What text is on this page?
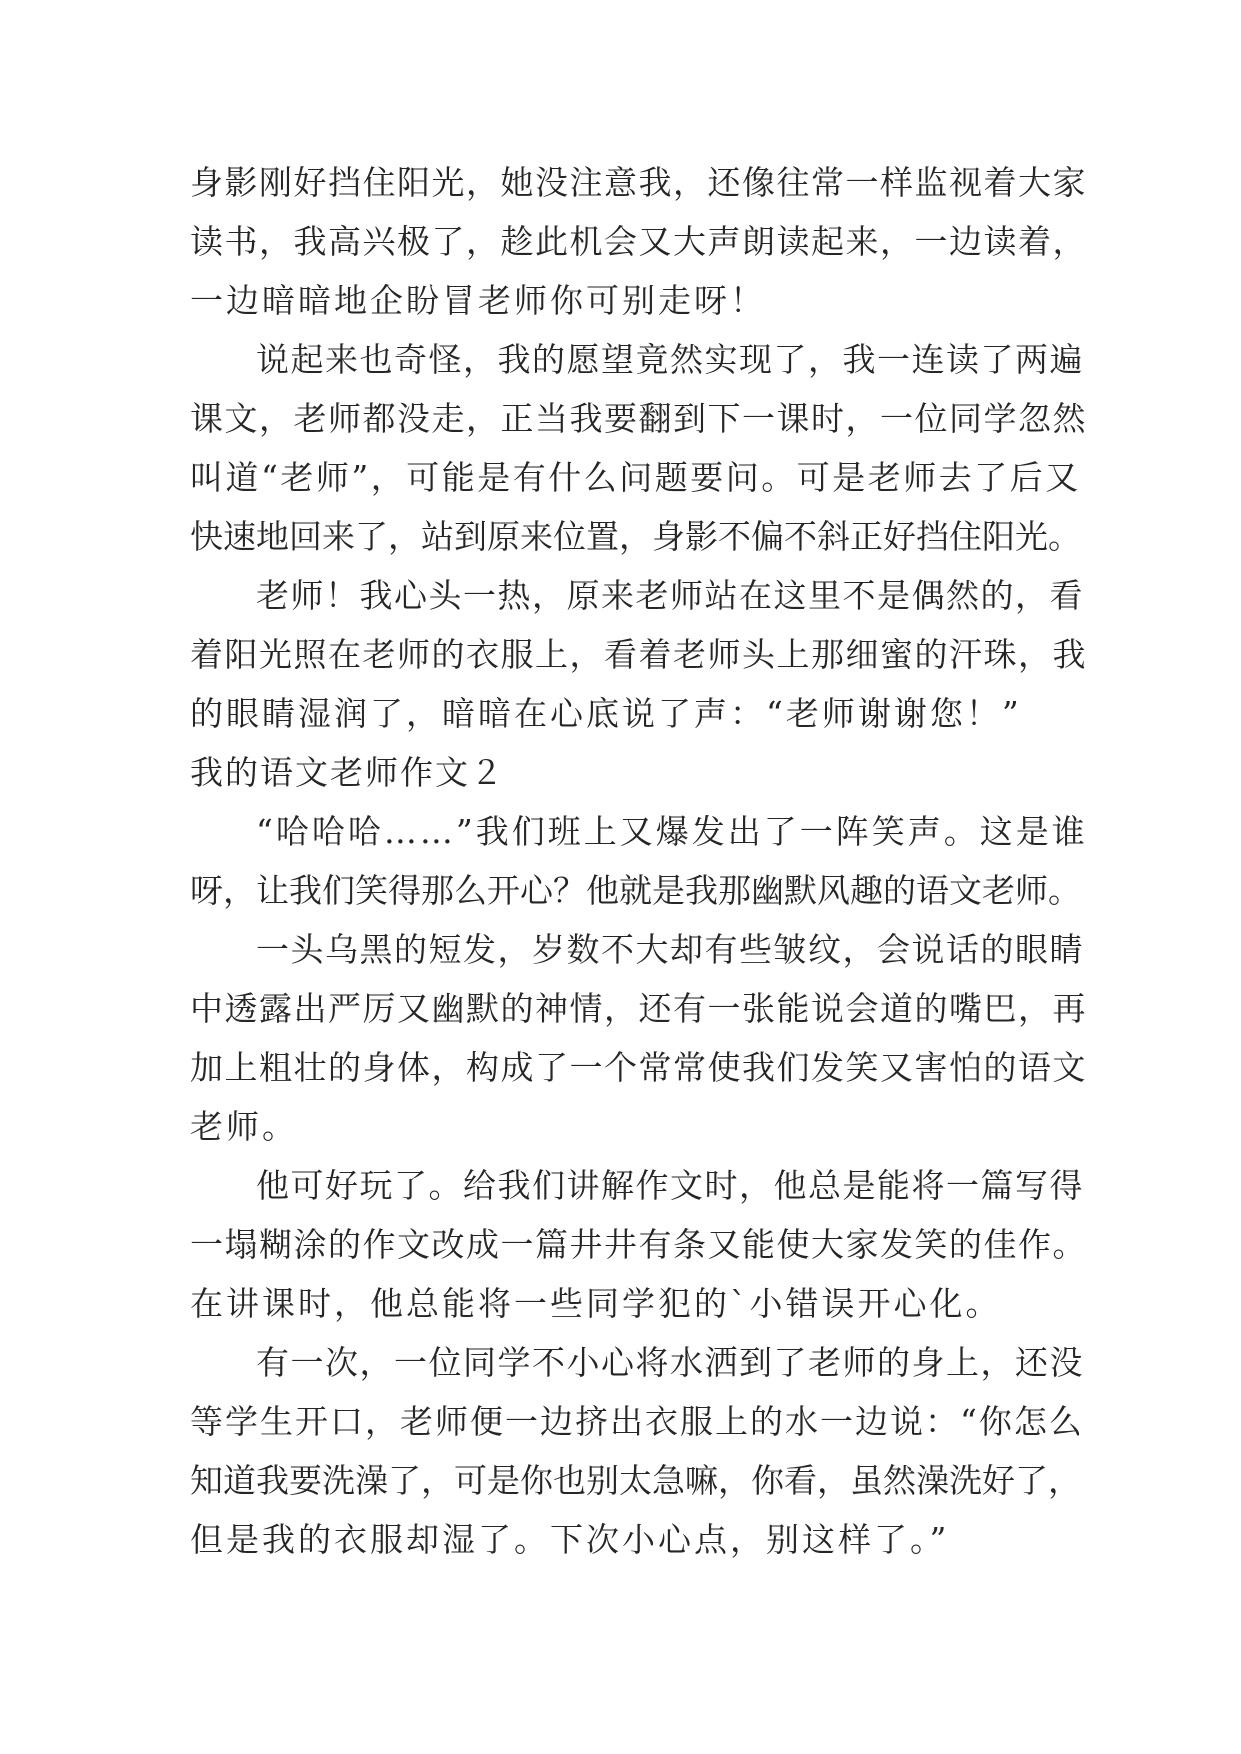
身影刚好挡住阳光，她没注意我，还像往常一样监视着大家
读书，我高兴极了，趁此机会又大声朗读起来，一边读着，
一边暗暗地企盼冒老师你可别走呀！
说起来也奇怪，我的愿望竟然实现了，我一连读了两遍
课文，老师都没走，正当我要翻到下一课时，一位同学忽然
叫道“老师”，可能是有什么问题要问。可是老师去了后又
快速地回来了，站到原来位置，身影不偏不斜正好挡住阳光。
老师！我心头一热，原来老师站在这里不是偶然的，看
着阳光照在老师的衣服上，看着老师头上那细蜜的汗珠，我
的眼睛湿润了，暗暗在心底说了声：“老师谢谢您！”
我的语文老师作文２
“哈哈哈……”我们班上又爆发出了一阵笑声。这是谁
呀，让我们笑得那么开心？他就是我那幽默风趣的语文老师。
一头乌黑的短发，岁数不大却有些皱纹，会说话的眼睛
中透露出严厉又幽默的神情，还有一张能说会道的嘴巴，再
加上粗壮的身体，构成了一个常常使我们发笑又害怕的语文
老师。
他可好玩了。给我们讲解作文时，他总是能将一篇写得
一塌糊涂的作文改成一篇井井有条又能使大家发笑的佳作。
在讲课时，他总能将一些同学犯的`小错误开心化。
有一次，一位同学不小心将水洒到了老师的身上，还没
等学生开口，老师便一边挤出衣服上的水一边说：“你怎么
知道我要洗澡了，可是你也别太急嘛，你看，虽然澡洗好了，
但是我的衣服却湿了。下次小心点，别这样了。”
